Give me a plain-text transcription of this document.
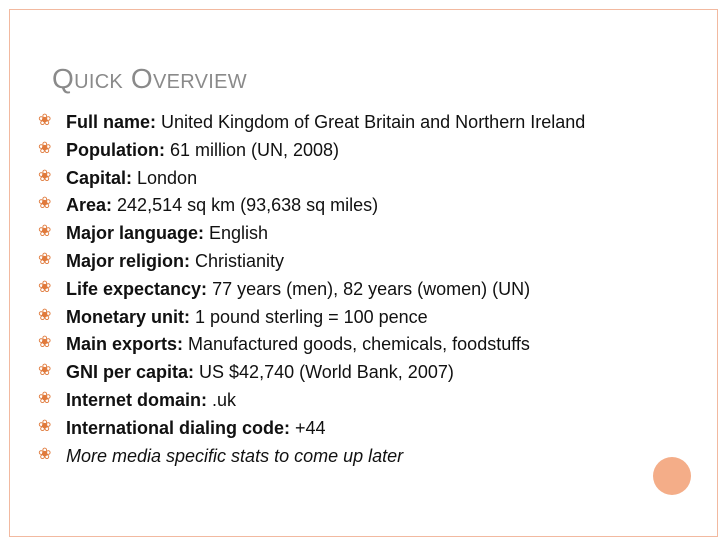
QUICK OVERVIEW
❀ Full name: United Kingdom of Great Britain and Northern Ireland
❀ Population: 61 million (UN, 2008)
❀ Capital: London
❀ Area: 242,514 sq km (93,638 sq miles)
❀ Major language: English
❀ Major religion: Christianity
❀ Life expectancy: 77 years (men), 82 years (women) (UN)
❀ Monetary unit: 1 pound sterling = 100 pence
❀ Main exports: Manufactured goods, chemicals, foodstuffs
❀ GNI per capita: US $42,740 (World Bank, 2007)
❀ Internet domain: .uk
❀ International dialing code: +44
❀ More media specific stats to come up later
